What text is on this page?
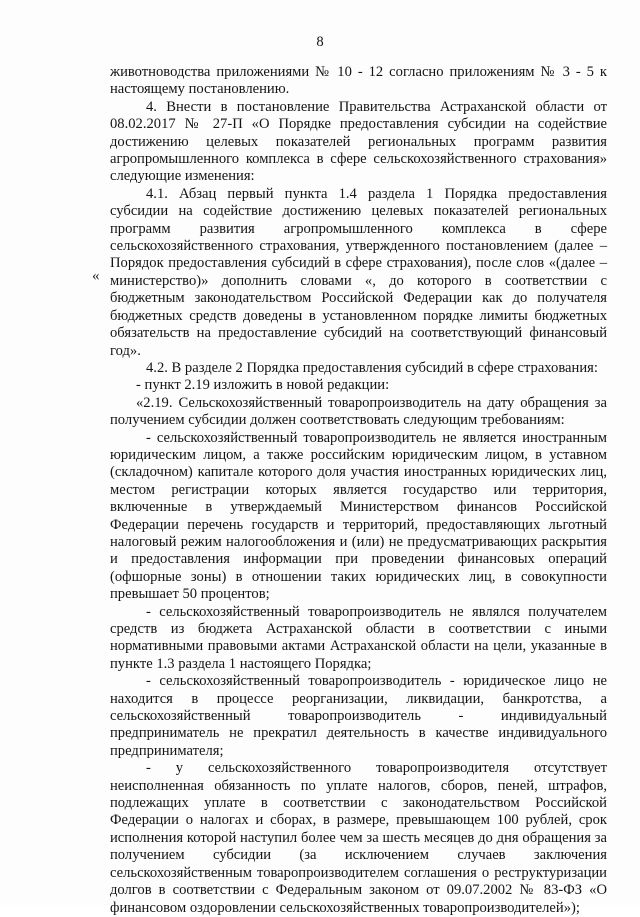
8
«

животноводства приложениями № 10 - 12 согласно приложениям № 3 - 5 к настоящему постановлению.

4. Внести в постановление Правительства Астраханской области от 08.02.2017 № 27-П «О Порядке предоставления субсидии на содействие достижению целевых показателей региональных программ развития агропромышленного комплекса в сфере сельскохозяйственного страхования» следующие изменения:

4.1. Абзац первый пункта 1.4 раздела 1 Порядка предоставления субсидии на содействие достижению целевых показателей региональных программ развития агропромышленного комплекса в сфере сельскохозяйственного страхования, утвержденного постановлением (далее – Порядок предоставления субсидий в сфере страхования), после слов «(далее – министерство)» дополнить словами «, до которого в соответствии с бюджетным законодательством Российской Федерации как до получателя бюджетных средств доведены в установленном порядке лимиты бюджетных обязательств на предоставление субсидий на соответствующий финансовый год».

4.2. В разделе 2 Порядка предоставления субсидий в сфере страхования:

- пункт 2.19 изложить в новой редакции:

«2.19. Сельскохозяйственный товаропроизводитель на дату обращения за получением субсидии должен соответствовать следующим требованиям:

- сельскохозяйственный товаропроизводитель не является иностранным юридическим лицом, а также российским юридическим лицом, в уставном (складочном) капитале которого доля участия иностранных юридических лиц, местом регистрации которых является государство или территория, включенные в утверждаемый Министерством финансов Российской Федерации перечень государств и территорий, предоставляющих льготный налоговый режим налогообложения и (или) не предусматривающих раскрытия и предоставления информации при проведении финансовых операций (офшорные зоны) в отношении таких юридических лиц, в совокупности превышает 50 процентов;

- сельскохозяйственный товаропроизводитель не являлся получателем средств из бюджета Астраханской области в соответствии с иными нормативными правовыми актами Астраханской области на цели, указанные в пункте 1.3 раздела 1 настоящего Порядка;

- сельскохозяйственный товаропроизводитель - юридическое лицо не находится в процессе реорганизации, ликвидации, банкротства, а сельскохозяйственный товаропроизводитель - индивидуальный предприниматель не прекратил деятельность в качестве индивидуального предпринимателя;

- у сельскохозяйственного товаропроизводителя отсутствует неисполненная обязанность по уплате налогов, сборов, пеней, штрафов, подлежащих уплате в соответствии с законодательством Российской Федерации о налогах и сборах, в размере, превышающем 100 рублей, срок исполнения которой наступил более чем за шесть месяцев до дня обращения за получением субсидии (за исключением случаев заключения сельскохозяйственным товаропроизводителем соглашения о реструктуризации долгов в соответствии с Федеральным законом от 09.07.2002 № 83-ФЗ «О финансовом оздоровлении сельскохозяйственных товаропроизводителей»);
